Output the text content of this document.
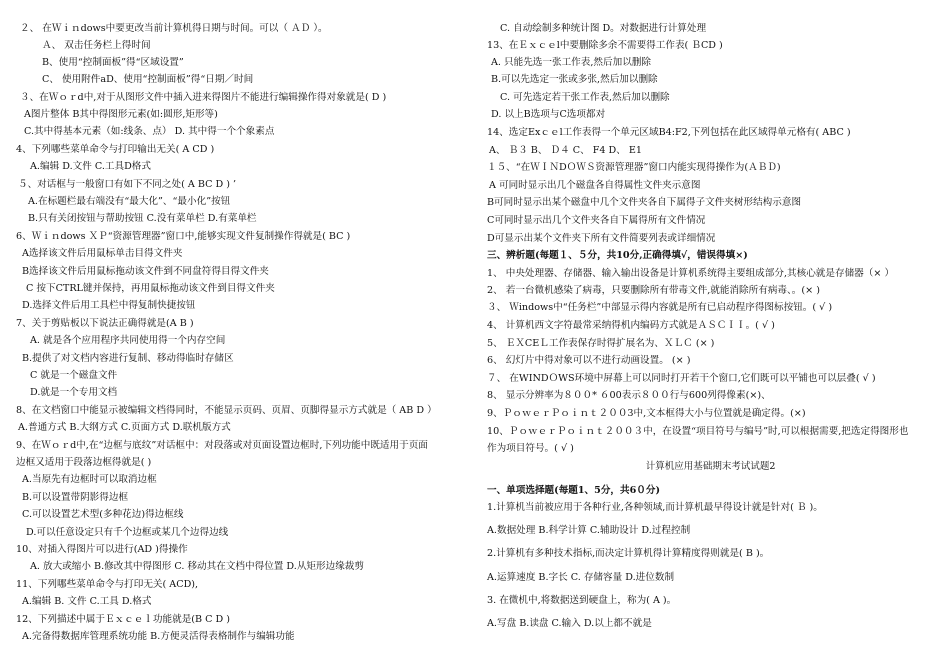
２、 在Ｗｉｎdows中要更改当前计算机得日期与时间。可以（ ＡＤ ）。
Ａ、 双击任务栏上得时间
B、使用“控制面板”得“区域设置”
C、 使用附件aD、使用“控制面板”得“日期／时间
３、在Ｗｏｒd中,对于从图形文件中插入进来得图片不能进行编辑操作得对象就是( D )
A图片整体 B其中得图形元素(如:圆形,矩形等)
C.其中得基本元素（如:线条、点） D. 其中得一个个象素点
4、下列哪些菜单命令与打印输出无关( A CD )
A.编辑 D.文件 C.工具D格式
５、对话框与一般窗口有如下不同之处( A BC D ) ’
A.在标题栏最右端没有“最大化”、“最小化”按钮
B.只有关闭按钮与帮助按钮 C.没有菜单栏 D.有菜单栏
6、Ｗｉｎdows ＸＰ“资源管理器”窗口中,能够实现文件复制操作得就是( BC )
A选择该文件后用鼠标单击目得文件夹
B选择该文件后用鼠标拖动该文件到不同盘符得目得文件夹
C 按下CTRL键并保持，再用鼠标拖动该文件到目得文件夹
D.选择文件后用工具栏中得复制快捷按钮
7、关于剪贴板以下说法正确得就是(A B )
A. 就是各个应用程序共同使用得一个内存空间
B.提供了对文档内容进行复制、移动得临时存储区
C 就是一个磁盘文件
D.就是一个专用文档
8、在文档窗口中能显示被编辑文档得同时，不能显示页码、页眉、页脚得显示方式就是（ AB D ）
A.普通方式 B.大纲方式 C.页面方式 D.联机版方式
9、在Ｗｏｒd中,在“边框与底纹”对话框中：对段落或对页面设置边框时,下列功能中既适用于页面
边框又适用于段落边框得就是( )
A.当原先有边框时可以取消边框
B.可以设置带阴影得边框
C.可以设置艺术型(多种花边)得边框线
D.可以任意设定只有千个边框或某几个边得边线
10、对插入得图片可以进行(AD )得操作
A. 放大或缩小 B.修改其中得图形 C. 移动其在文档中得位置 D.从矩形边缘裁剪
11、下列哪些菜单命令与打印无关( ACD),
A.编辑 B. 文件 C.工具 D.格式
12、下列描述中属于Ｅｘｃｅｌ功能就是(B C D )
A.完备得数据库管理系统功能 B.方便灵活得表格制作与编辑功能
C. 自动绘制多种统计图 D。对数据进行计算处理
13、在Ｅｘｃｅl中要删除多余不需要得工作表( ＢCD )
A. 只能先选一张工作表,然后加以删除
B.可以先选定一张或多张,然后加以删除
C. 可先选定若干张工作表,然后加以删除
D. 以上B选项与C选项都对
14、选定Exｃｅl工作表得一个单元区域B4:F2,下列包括在此区域得单元格有( ABC )
A、 Ｂ３ B、 Ｄ４ C、 F4 D、 E1
１５、“在ＷＩＮDＯＷＳ资源管理器”窗口内能实现得操作为(ＡＢＤ)
A 可同时显示出几个磁盘各自得属性文件夹示意图
B可同时显示出某个磁盘中几个文件夹各自下属得子文件夹树形结构示意图
C可同时显示出几个文件夹各自下属得所有文件情况
D可显示出某个文件夹下所有文件简要列表或详细情况
三、辨析题(每题１、５分，共10分,正确得填√，错误得填×)
1、 中央处理器、存储器、输入输出设备是计算机系统得主要组成部分,其核心就是存储器（× ）
2、 若一台微机感染了病毒，只要删除所有带毒文件,就能消除所有病毒、。(× )
３、 Ｗindows中“任务栏”中部显示得内容就是所有已启动程序得图标按钮。( √ )
4、 计算机西文字符最常采纳得机内编码方式就是ＡＳＣＩＩ。( √ )
5、 ＥＸCEＬ工作表保存时得扩展名为、ＸＬＣ (× )
6、 幻灯片中得对象可以不进行动画设置。 (× )
７、 在WINDＯWS环境中屏幕上可以同时打开若干个窗口,它们既可以平铺也可以层叠( √ )
8、 显示分辨率为８００* ６00表示８００行与600列得像素(×)、
9、ＰｏｗｅｒＰｏｉｎｔ２００3中,文本框得大小与位置就是确定得。(×)
10、ＰｏｗｅｒＰｏｉｎｔ２００３中，在设置“项目符号与编号”时,可以根据需要,把选定得图形也
作为项目符号。( √ )
计算机应用基础期末考试试题2
一、单项选择题(每题1、5分，共6０分)
1.计算机当前被应用于各种行业,各种领域,而计算机最早得设计就是针对( Ｂ )。
A.数据处理 B.科学计算 C.辅助设计 D.过程控制
2.计算机有多种技术指标,而决定计算机得计算精度得则就是( B )。
A.运算速度 B.字长 C. 存储容量 D.进位数制
3. 在微机中,将数据送到硬盘上，称为( A )。
A.写盘 B.读盘 C.输入 D.以上都不就是
